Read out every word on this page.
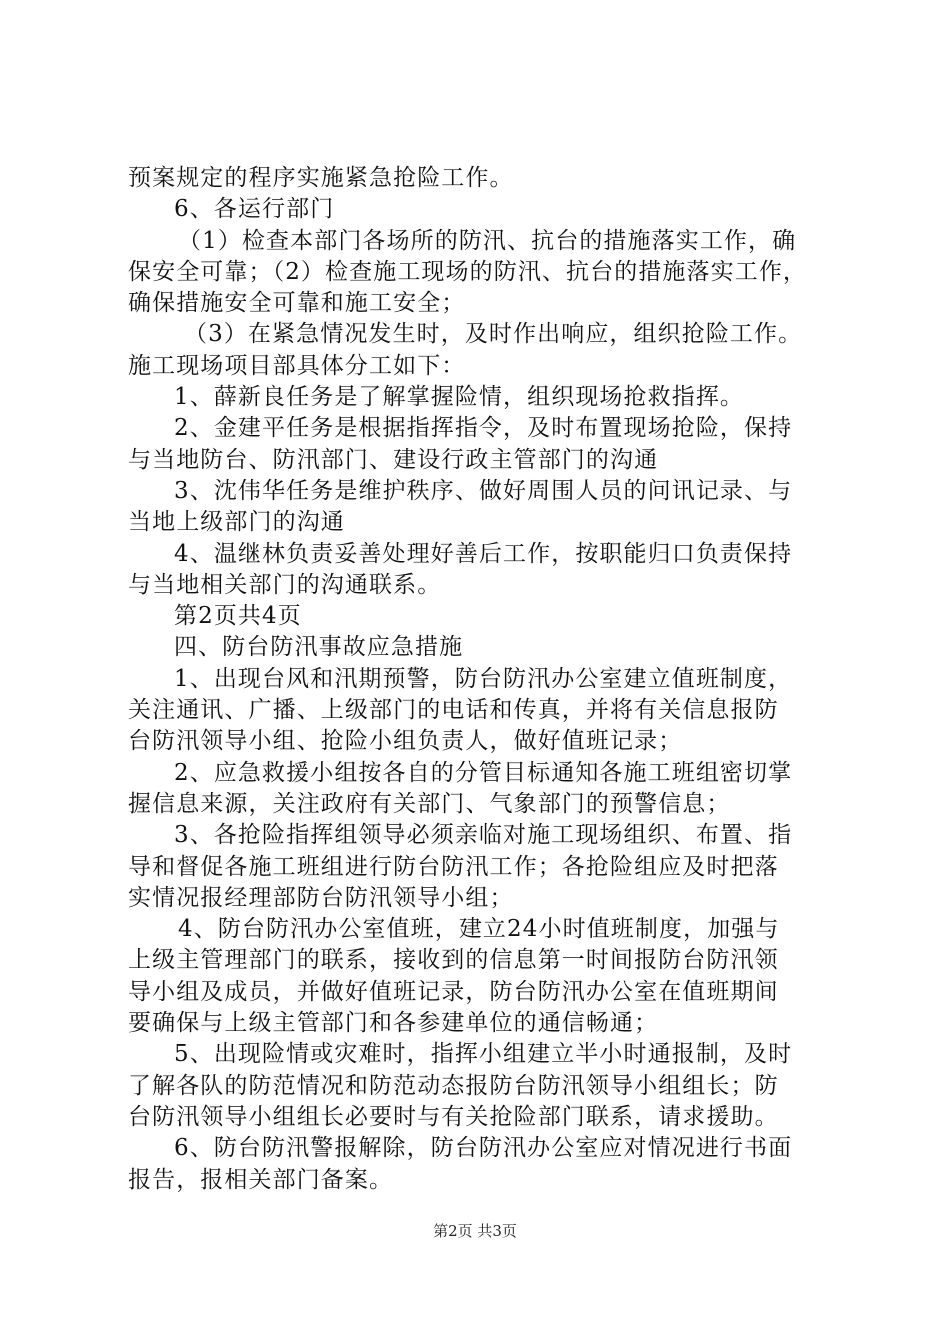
预案规定的程序实施紧急抢险工作。
6、各运行部门
（1）检查本部门各场所的防汛、抗台的措施落实工作，确
保安全可靠；（2）检查施工现场的防汛、抗台的措施落实工作，
确保措施安全可靠和施工安全；
（3）在紧急情况发生时，及时作出响应，组织抢险工作。
施工现场项目部具体分工如下：
1、薛新良任务是了解掌握险情，组织现场抢救指挥。
2、金建平任务是根据指挥指令，及时布置现场抢险，保持
与当地防台、防汛部门、建设行政主管部门的沟通
3、沈伟华任务是维护秩序、做好周围人员的问讯记录、与
当地上级部门的沟通
4、温继林负责妥善处理好善后工作，按职能归口负责保持
与当地相关部门的沟通联系。
第2页共4页
四、防台防汛事故应急措施
1、出现台风和汛期预警，防台防汛办公室建立值班制度，
关注通讯、广播、上级部门的电话和传真，并将有关信息报防
台防汛领导小组、抢险小组负责人，做好值班记录；
2、应急救援小组按各自的分管目标通知各施工班组密切掌
握信息来源，关注政府有关部门、气象部门的预警信息；
3、各抢险指挥组领导必须亲临对施工现场组织、布置、指
导和督促各施工班组进行防台防汛工作；各抢险组应及时把落
实情况报经理部防台防汛领导小组；
4、防台防汛办公室值班，建立24小时值班制度，加强与
上级主管理部门的联系，接收到的信息第一时间报防台防汛领
导小组及成员，并做好值班记录，防台防汛办公室在值班期间
要确保与上级主管部门和各参建单位的通信畅通；
5、出现险情或灾难时，指挥小组建立半小时通报制，及时
了解各队的防范情况和防范动态报防台防汛领导小组组长；防
台防汛领导小组组长必要时与有关抢险部门联系，请求援助。
6、防台防汛警报解除，防台防汛办公室应对情况进行书面
报告，报相关部门备案。
第2页 共3页
